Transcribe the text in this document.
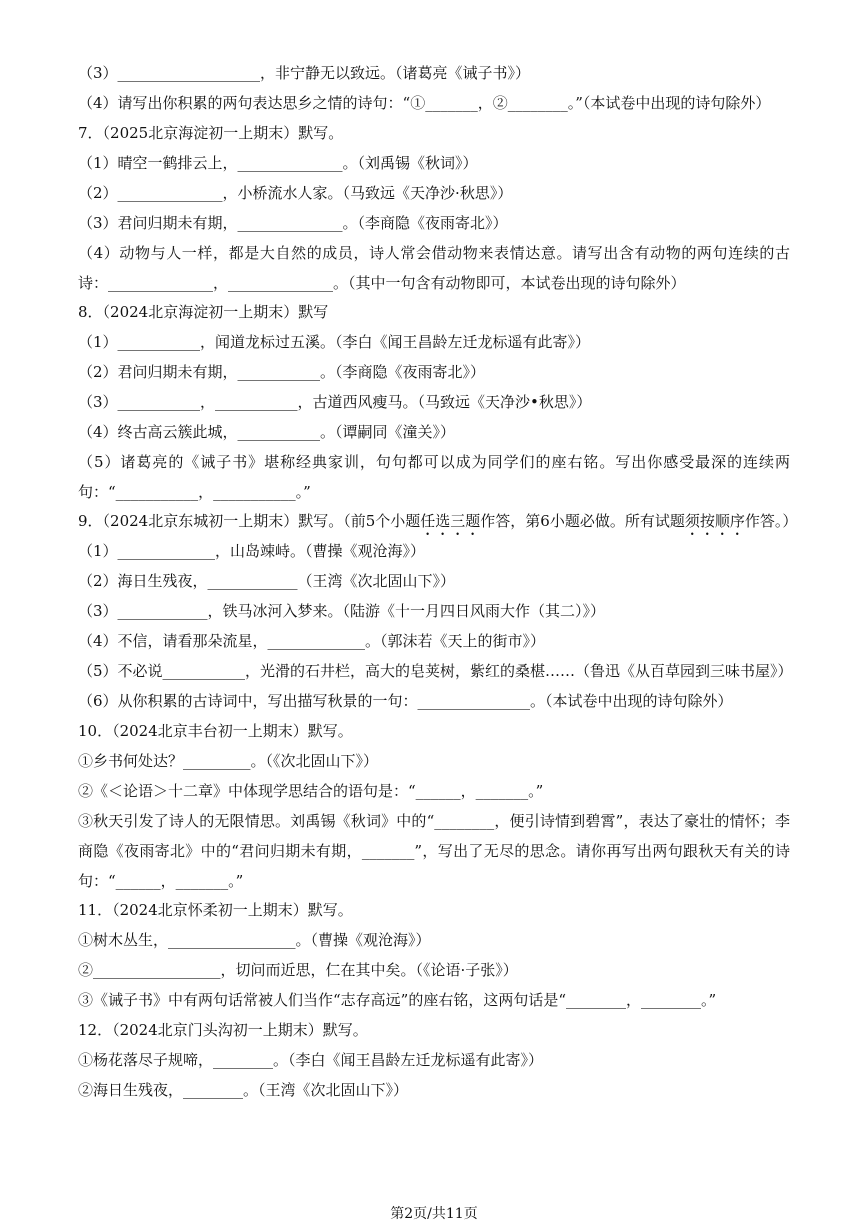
（3）___________________，非宁静无以致远。（诸葛亮《诫子书》）
（4）请写出你积累的两句表达思乡之情的诗句：“①_______，②________。”（本试卷中出现的诗句除外）
7．（2025北京海淀初一上期末）默写。
（1）晴空一鹤排云上，______________。（刘禹锡《秋词》）
（2）______________，小桥流水人家。（马致远《天净沙·秋思》）
（3）君问归期未有期，______________。（李商隐《夜雨寄北》）
（4）动物与人一样，都是大自然的成员，诗人常会借动物来表情达意。请写出含有动物的两句连续的古诗：______________，______________。（其中一句含有动物即可，本试卷出现的诗句除外）
8．（2024北京海淀初一上期末）默写
（1）___________，闻道龙标过五溪。（李白《闻王昌龄左迁龙标遥有此寄》）
（2）君问归期未有期，___________。（李商隐《夜雨寄北》）
（3）___________，___________，古道西风瘦马。（马致远《天净沙•秋思》）
（4）终古高云簇此城，___________。（谭嗣同《潼关》）
（5）诸葛亮的《诫子书》堪称经典家训，句句都可以成为同学们的座右铭。写出你感受最深的连续两句：“___________，___________。”
9．（2024北京东城初一上期末）默写。（前5个小题任选三题作答，第6小题必做。所有试题须按顺序作答。）
（1）_____________，山岛竦峙。（曹操《观沧海》）
（2）海日生残夜，____________（王湾《次北固山下》）
（3）____________，铁马冰河入梦来。（陆游《十一月四日风雨大作（其二）》）
（4）不信，请看那朵流星，_____________。（郭沫若《天上的街市》）
（5）不必说___________，光滑的石井栏，高大的皂荚树，紫红的桑椹……（鲁迅《从百草园到三味书屋》）
（6）从你积累的古诗词中，写出描写秋景的一句：_______________。（本试卷中出现的诗句除外）
10．（2024北京丰台初一上期末）默写。
①乡书何处达？_________。（《次北固山下》）
②《＜论语＞十二章》中体现学思结合的语句是：“______，_______。”
③秋天引发了诗人的无限情思。刘禹锡《秋词》中的“________，便引诗情到碧霄”，表达了豪壮的情怀；李商隐《夜雨寄北》中的“君问归期未有期，_______”，写出了无尽的思念。请你再写出两句跟秋天有关的诗句：“______，_______。”
11．（2024北京怀柔初一上期末）默写。
①树木丛生，_________________。（曹操《观沧海》）
②_________________，切问而近思，仁在其中矣。（《论语·子张》）
③《诫子书》中有两句话常被人们当作“志存高远”的座右铭，这两句话是“________，________。”
12．（2024北京门头沟初一上期末）默写。
①杨花落尽子规啼，________。（李白《闻王昌龄左迁龙标遥有此寄》）
②海日生残夜，________。（王湾《次北固山下》）
第2页/共11页
